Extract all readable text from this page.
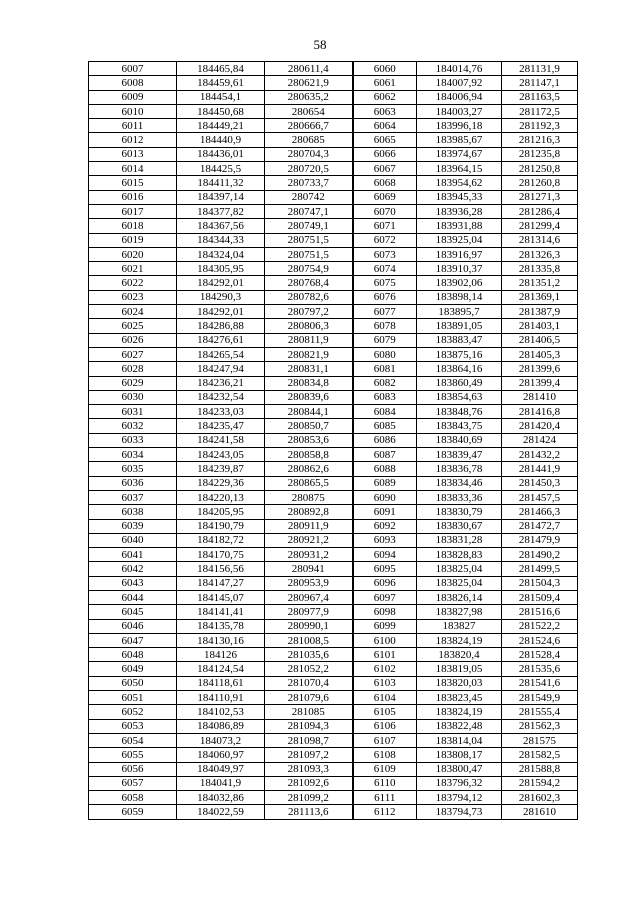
58
6007	184465,84	280611,4	6060	184014,76	281131,9
6008	184459,61	280621,9	6061	184007,92	281147,1
6009	184454,1	280635,2	6062	184006,94	281163,5
6010	184450,68	280654	6063	184003,27	281172,5
6011	184449,21	280666,7	6064	183996,18	281192,3
6012	184440,9	280685	6065	183985,67	281216,3
6013	184436,01	280704,3	6066	183974,67	281235,8
6014	184425,5	280720,5	6067	183964,15	281250,8
6015	184411,32	280733,7	6068	183954,62	281260,8
6016	184397,14	280742	6069	183945,33	281271,3
6017	184377,82	280747,1	6070	183936,28	281286,4
6018	184367,56	280749,1	6071	183931,88	281299,4
6019	184344,33	280751,5	6072	183925,04	281314,6
6020	184324,04	280751,5	6073	183916,97	281326,3
6021	184305,95	280754,9	6074	183910,37	281335,8
6022	184292,01	280768,4	6075	183902,06	281351,2
6023	184290,3	280782,6	6076	183898,14	281369,1
6024	184292,01	280797,2	6077	183895,7	281387,9
6025	184286,88	280806,3	6078	183891,05	281403,1
6026	184276,61	280811,9	6079	183883,47	281406,5
6027	184265,54	280821,9	6080	183875,16	281405,3
6028	184247,94	280831,1	6081	183864,16	281399,6
6029	184236,21	280834,8	6082	183860,49	281399,4
6030	184232,54	280839,6	6083	183854,63	281410
6031	184233,03	280844,1	6084	183848,76	281416,8
6032	184235,47	280850,7	6085	183843,75	281420,4
6033	184241,58	280853,6	6086	183840,69	281424
6034	184243,05	280858,8	6087	183839,47	281432,2
6035	184239,87	280862,6	6088	183836,78	281441,9
6036	184229,36	280865,5	6089	183834,46	281450,3
6037	184220,13	280875	6090	183833,36	281457,5
6038	184205,95	280892,8	6091	183830,79	281466,3
6039	184190,79	280911,9	6092	183830,67	281472,7
6040	184182,72	280921,2	6093	183831,28	281479,9
6041	184170,75	280931,2	6094	183828,83	281490,2
6042	184156,56	280941	6095	183825,04	281499,5
6043	184147,27	280953,9	6096	183825,04	281504,3
6044	184145,07	280967,4	6097	183826,14	281509,4
6045	184141,41	280977,9	6098	183827,98	281516,6
6046	184135,78	280990,1	6099	183827	281522,2
6047	184130,16	281008,5	6100	183824,19	281524,6
6048	184126	281035,6	6101	183820,4	281528,4
6049	184124,54	281052,2	6102	183819,05	281535,6
6050	184118,61	281070,4	6103	183820,03	281541,6
6051	184110,91	281079,6	6104	183823,45	281549,9
6052	184102,53	281085	6105	183824,19	281555,4
6053	184086,89	281094,3	6106	183822,48	281562,3
6054	184073,2	281098,7	6107	183814,04	281575
6055	184060,97	281097,2	6108	183808,17	281582,5
6056	184049,97	281093,3	6109	183800,47	281588,8
6057	184041,9	281092,6	6110	183796,32	281594,2
6058	184032,86	281099,2	6111	183794,12	281602,3
6059	184022,59	281113,6	6112	183794,73	281610
